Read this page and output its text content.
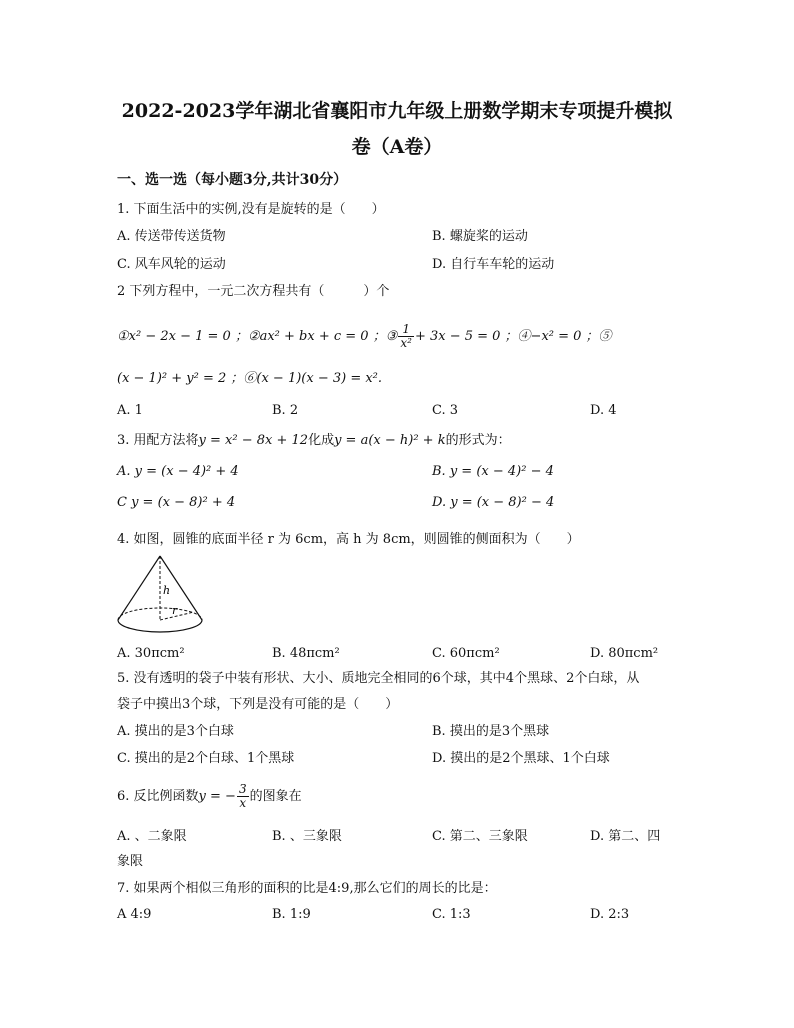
2022-2023学年湖北省襄阳市九年级上册数学期末专项提升模拟
卷（A卷）
一、选一选（每小题3分,共计30分）
1. 下面生活中的实例,没有是旋转的是（　　）
A. 传送带传送货物	B. 螺旋桨的运动
C. 风车风轮的运动	D. 自行车车轮的运动
2 下列方程中，一元二次方程共有（　　　）个
①x² − 2x − 1 = 0 ；②ax² + bx + c = 0 ；③ $\frac{1}{\text{x²}} + 3x - 5 = 0$ ；④−x² = 0 ；⑤
(x − 1)² + y² = 2 ；⑥(x − 1)(x − 3) = x².
A. 1	B. 2	C. 3	D. 4
3. 用配方法将y = x² − 8x + 12化成y = a(x − h)² + k的形式为：
A. y = (x − 4)² + 4	B. y = (x − 4)² − 4
C y = (x − 8)² + 4	D. y = (x − 8)² − 4
4. 如图，圆锥的底面半径 r 为 6cm，高 h 为 8cm，则圆锥的侧面积为（　　）
h
r
A. 30πcm²	B. 48πcm²	C. 60πcm²	D. 80πcm²
5. 没有透明的袋子中装有形状、大小、质地完全相同的6个球，其中4个黑球、2个白球，从
袋子中摸出3个球，下列是没有可能的是（　　）
A. 摸出的是3个白球	B. 摸出的是3个黑球
C. 摸出的是2个白球、1个黑球	D. 摸出的是2个黑球、1个白球
6. 反比例函数y = − $\frac{3}{x}$ 的图象在
A. 、二象限	B. 、三象限	C. 第二、三象限	D. 第二、四
象限
7. 如果两个相似三角形的面积的比是4:9,那么它们的周长的比是：
A 4:9	B. 1:9	C. 1:3	D. 2:3
